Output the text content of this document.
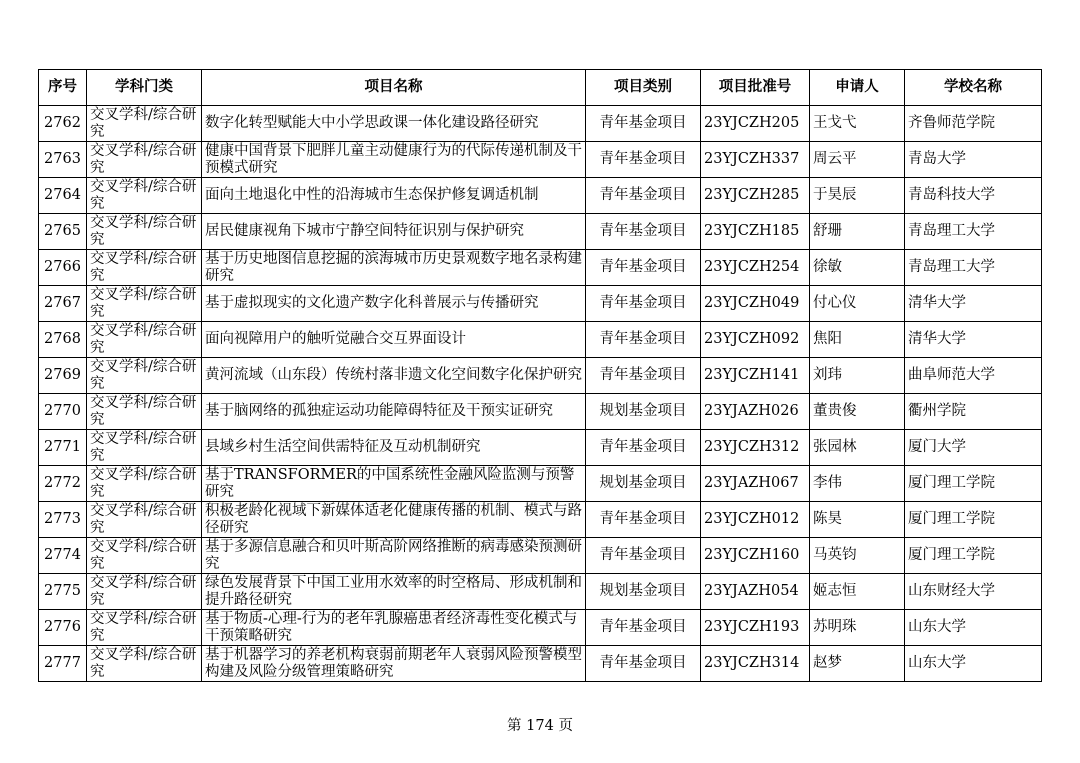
序号	学科门类	项目名称	项目类别	项目批准号	申请人	学校名称
2762	交叉学科/综合研究	数字化转型赋能大中小学思政课一体化建设路径研究	青年基金项目	23YJCZH205	王戈弋	齐鲁师范学院
2763	交叉学科/综合研究	健康中国背景下肥胖儿童主动健康行为的代际传递机制及干预模式研究	青年基金项目	23YJCZH337	周云平	青岛大学
2764	交叉学科/综合研究	面向土地退化中性的沿海城市生态保护修复调适机制	青年基金项目	23YJCZH285	于昊辰	青岛科技大学
2765	交叉学科/综合研究	居民健康视角下城市宁静空间特征识别与保护研究	青年基金项目	23YJCZH185	舒珊	青岛理工大学
2766	交叉学科/综合研究	基于历史地图信息挖掘的滨海城市历史景观数字地名录构建研究	青年基金项目	23YJCZH254	徐敏	青岛理工大学
2767	交叉学科/综合研究	基于虚拟现实的文化遗产数字化科普展示与传播研究	青年基金项目	23YJCZH049	付心仪	清华大学
2768	交叉学科/综合研究	面向视障用户的触听觉融合交互界面设计	青年基金项目	23YJCZH092	焦阳	清华大学
2769	交叉学科/综合研究	黄河流域（山东段）传统村落非遗文化空间数字化保护研究	青年基金项目	23YJCZH141	刘玮	曲阜师范大学
2770	交叉学科/综合研究	基于脑网络的孤独症运动功能障碍特征及干预实证研究	规划基金项目	23YJAZH026	董贵俊	衢州学院
2771	交叉学科/综合研究	县域乡村生活空间供需特征及互动机制研究	青年基金项目	23YJCZH312	张园林	厦门大学
2772	交叉学科/综合研究	基于TRANSFORMER的中国系统性金融风险监测与预警研究	规划基金项目	23YJAZH067	李伟	厦门理工学院
2773	交叉学科/综合研究	积极老龄化视域下新媒体适老化健康传播的机制、模式与路径研究	青年基金项目	23YJCZH012	陈昊	厦门理工学院
2774	交叉学科/综合研究	基于多源信息融合和贝叶斯高阶网络推断的病毒感染预测研究	青年基金项目	23YJCZH160	马英钧	厦门理工学院
2775	交叉学科/综合研究	绿色发展背景下中国工业用水效率的时空格局、形成机制和提升路径研究	规划基金项目	23YJAZH054	姬志恒	山东财经大学
2776	交叉学科/综合研究	基于物质-心理-行为的老年乳腺癌患者经济毒性变化模式与干预策略研究	青年基金项目	23YJCZH193	苏明珠	山东大学
2777	交叉学科/综合研究	基于机器学习的养老机构衰弱前期老年人衰弱风险预警模型构建及风险分级管理策略研究	青年基金项目	23YJCZH314	赵梦	山东大学
第 174 页
